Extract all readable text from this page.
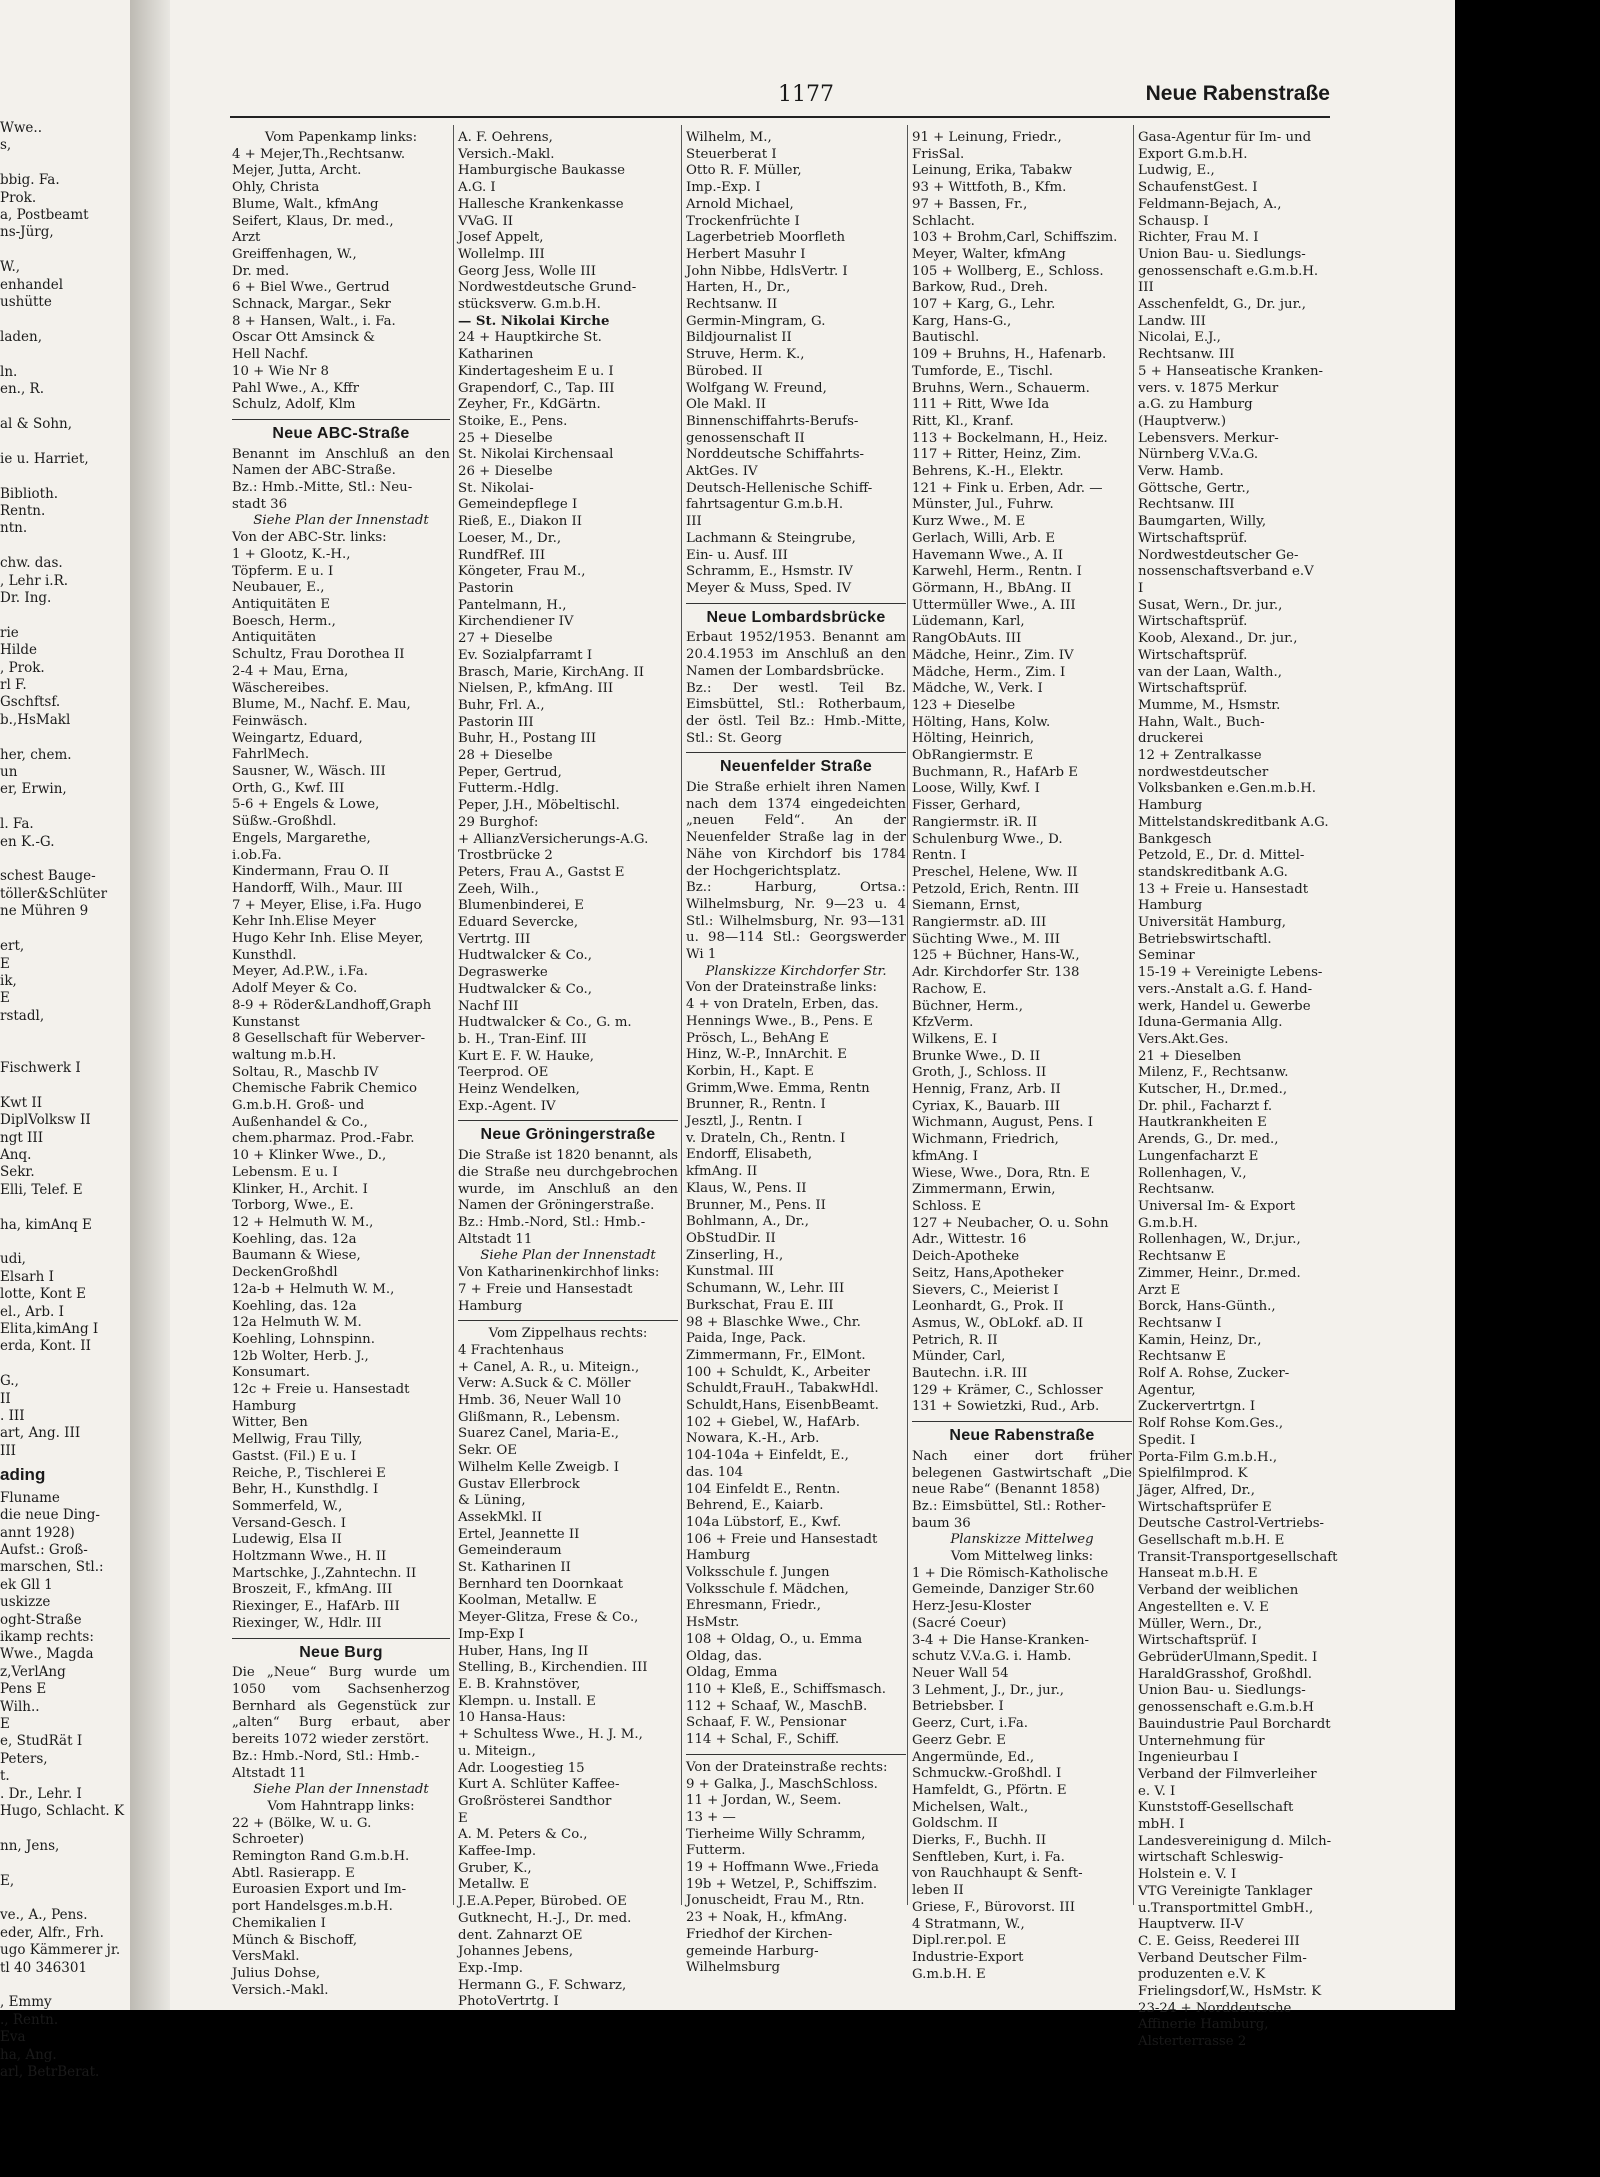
Wwe..
s,

bbig. Fa.
Prok.
a, Postbeamt
ns-Jürg,

W.,
enhandel
ushütte

laden,

ln.
en., R.

al & Sohn,

ie u. Harriet,

Biblioth.
Rentn.
ntn.

chw. das.
, Lehr i.R.
Dr. Ing.

rie
Hilde
, Prok.
rl F.
Gschftsf.
b.,HsMakl

her, chem.
un
er, Erwin,

l. Fa.
en K.-G.

schest Bauge-
töller&Schlüter
ne Mühren 9

ert,
E
ik,
E
rstadl,

Fischwerk I

Kwt II
DiplVolksw II
ngt III
Anq.
Sekr.
Elli, Telef. E

ha, kimAnq E

udi,
Elsarh I
lotte, Kont E
el., Arb. I
Elita,kimAng I
erda, Kont. II

G.,
II
. III
art, Ang. III
III
ading
Fluname
die neue Ding-
annt 1928)
Aufst.: Groß-
marschen, Stl.:
ek Gll 1
uskizze
oght-Straße
ikamp rechts:
Wwe., Magda
z,VerlAng
Pens E
Wilh..
E
e, StudRät I
Peters,
t.
. Dr., Lehr. I
Hugo, Schlacht. K

nn, Jens,

E,

ve., A., Pens.
eder, Alfr., Frh.
ugo Kämmerer jr.
tl 40 346301

, Emmy
., Rentn.
Eva
ha, Ang.
arl, BetrBerat.
1177	Neue Rabenstraße
Vom Papenkamp links:
4 + Mejer,Th.,Rechtsanw.
Mejer, Jutta, Archt.
Ohly, Christa
Blume, Walt., kfmAng
Seifert, Klaus, Dr. med.,
Arzt
Greiffenhagen, W.,
Dr. med.
6 + Biel Wwe., Gertrud
Schnack, Margar., Sekr
8 + Hansen, Walt., i. Fa.
Oscar Ott Amsinck &
Hell Nachf.
10 + Wie Nr 8
Pahl Wwe., A., Kffr
Schulz, Adolf, Klm
Neue ABC-Straße
Benannt im Anschluß an den Namen der ABC-Straße.
Bz.: Hmb.-Mitte, Stl.: Neu-
stadt 36
Siehe Plan der Innenstadt
Von der ABC-Str. links:
1 + Glootz, K.-H.,
Töpferm. E u. I
Neubauer, E.,
Antiquitäten E
Boesch, Herm.,
Antiquitäten
Schultz, Frau Dorothea II
2-4 + Mau, Erna,
Wäschereibes.
Blume, M., Nachf. E. Mau,
Feinwäsch.
Weingartz, Eduard,
FahrlMech.
Sausner, W., Wäsch. III
Orth, G., Kwf. III
5-6 + Engels & Lowe,
Süßw.-Großhdl.
Engels, Margarethe,
i.ob.Fa.
Kindermann, Frau O. II
Handorff, Wilh., Maur. III
7 + Meyer, Elise, i.Fa. Hugo
Kehr Inh.Elise Meyer
Hugo Kehr Inh. Elise Meyer,
Kunsthdl.
Meyer, Ad.P.W., i.Fa.
Adolf Meyer & Co.
8-9 + Röder&Landhoff,Graph
Kunstanst
8 Gesellschaft für Weberver-
waltung m.b.H.
Soltau, R., Maschb IV
Chemische Fabrik Chemico
G.m.b.H. Groß- und
Außenhandel & Co.,
chem.pharmaz. Prod.-Fabr.
10 + Klinker Wwe., D.,
Lebensm. E u. I
Klinker, H., Archit. I
Torborg, Wwe., E.
12 + Helmuth W. M.,
Koehling, das. 12a
Baumann & Wiese,
DeckenGroßhdl
12a-b + Helmuth W. M.,
Koehling, das. 12a
12a Helmuth W. M.
Koehling, Lohnspinn.
12b Wolter, Herb. J.,
Konsumart.
12c + Freie u. Hansestadt
Hamburg
Witter, Ben
Mellwig, Frau Tilly,
Gastst. (Fil.) E u. I
Reiche, P., Tischlerei E
Behr, H., Kunsthdlg. I
Sommerfeld, W.,
Versand-Gesch. I
Ludewig, Elsa II
Holtzmann Wwe., H. II
Martschke, J.,Zahntechn. II
Broszeit, F., kfmAng. III
Riexinger, E., HafArb. III
Riexinger, W., Hdlr. III
Neue Burg
Die „Neue“ Burg wurde um 1050 vom Sachsenherzog Bernhard als Gegenstück zur „alten“ Burg erbaut, aber bereits 1072 wieder zerstört.
Bz.: Hmb.-Nord, Stl.: Hmb.-
Altstadt 11
Siehe Plan der Innenstadt
Vom Hahntrapp links:
22 + (Bölke, W. u. G.
Schroeter)
Remington Rand G.m.b.H.
Abtl. Rasierapp. E
Euroasien Export und Im-
port Handelsges.m.b.H.
Chemikalien I
Münch & Bischoff,
VersMakl.
Julius Dohse,
Versich.-Makl.
A. F. Oehrens,
Versich.-Makl.
Hamburgische Baukasse
A.G. I
Hallesche Krankenkasse
VVaG. II
Josef Appelt,
Wollelmp. III
Georg Jess, Wolle III
Nordwestdeutsche Grund-
stücksverw. G.m.b.H.
— St. Nikolai Kirche
24 + Hauptkirche St.
Katharinen
Kindertagesheim E u. I
Grapendorf, C., Tap. III
Zeyher, Fr., KdGärtn.
Stoike, E., Pens.
25 + Dieselbe
St. Nikolai Kirchensaal
26 + Dieselbe
St. Nikolai-
Gemeindepflege I
Rieß, E., Diakon II
Loeser, M., Dr.,
RundfRef. III
Köngeter, Frau M.,
Pastorin
Pantelmann, H.,
Kirchendiener IV
27 + Dieselbe
Ev. Sozialpfarramt I
Brasch, Marie, KirchAng. II
Nielsen, P., kfmAng. III
Buhr, Frl. A.,
Pastorin III
Buhr, H., Postang III
28 + Dieselbe
Peper, Gertrud,
Futterm.-Hdlg.
Peper, J.H., Möbeltischl.
29 Burghof:
+ AllianzVersicherungs-A.G.
Trostbrücke 2
Peters, Frau A., Gastst E
Zeeh, Wilh.,
Blumenbinderei, E
Eduard Severcke,
Vertrtg. III
Hudtwalcker & Co.,
Degraswerke
Hudtwalcker & Co.,
Nachf III
Hudtwalcker & Co., G. m.
b. H., Tran-Einf. III
Kurt E. F. W. Hauke,
Teerprod. OE
Heinz Wendelken,
Exp.-Agent. IV
Neue Gröningerstraße
Die Straße ist 1820 benannt, als die Straße neu durchgebrochen wurde, im Anschluß an den Namen der Gröningerstraße.
Bz.: Hmb.-Nord, Stl.: Hmb.-
Altstadt 11
Siehe Plan der Innenstadt
Von Katharinenkirchhof links:
7 + Freie und Hansestadt
Hamburg
Vom Zippelhaus rechts:
4 Frachtenhaus
+ Canel, A. R., u. Miteign.,
Verw: A.Suck & C. Möller
Hmb. 36, Neuer Wall 10
Glißmann, R., Lebensm.
Suarez Canel, Maria-E.,
Sekr. OE
Wilhelm Kelle Zweigb. I
Gustav Ellerbrock
& Lüning,
AssekMkl. II
Ertel, Jeannette II
Gemeinderaum
St. Katharinen II
Bernhard ten Doornkaat
Koolman, Metallw. E
Meyer-Glitza, Frese & Co.,
Imp-Exp I
Huber, Hans, Ing II
Stelling, B., Kirchendien. III
E. B. Krahnstöver,
Klempn. u. Install. E
10 Hansa-Haus:
+ Schultess Wwe., H. J. M.,
u. Miteign.,
Adr. Loogestieg 15
Kurt A. Schlüter Kaffee-
Großrösterei Sandthor
E
A. M. Peters & Co.,
Kaffee-Imp.
Gruber, K.,
Metallw. E
J.E.A.Peper, Bürobed. OE
Gutknecht, H.-J., Dr. med.
dent. Zahnarzt OE
Johannes Jebens,
Exp.-Imp.
Hermann G., F. Schwarz,
PhotoVertrtg. I
Wilhelm, M.,
Steuerberat I
Otto R. F. Müller,
Imp.-Exp. I
Arnold Michael,
Trockenfrüchte I
Lagerbetrieb Moorfleth
Herbert Masuhr I
John Nibbe, HdlsVertr. I
Harten, H., Dr.,
Rechtsanw. II
Germin-Mingram, G.
Bildjournalist II
Struve, Herm. K.,
Bürobed. II
Wolfgang W. Freund,
Ole Makl. II
Binnenschiffahrts-Berufs-
genossenschaft II
Norddeutsche Schiffahrts-
AktGes. IV
Deutsch-Hellenische Schiff-
fahrtsagentur G.m.b.H.
III
Lachmann & Steingrube,
Ein- u. Ausf. III
Schramm, E., Hsmstr. IV
Meyer & Muss, Sped. IV
Neue Lombardsbrücke
Erbaut 1952/1953. Benannt am 20.4.1953 im Anschluß an den Namen der Lombardsbrücke.
Bz.: Der westl. Teil Bz. Eimsbüttel, Stl.: Rotherbaum, der östl. Teil Bz.: Hmb.-Mitte, Stl.: St. Georg
Neuenfelder Straße
Die Straße erhielt ihren Namen nach dem 1374 eingedeichten „neuen Feld“. An der Neuenfelder Straße lag in der Nähe von Kirchdorf bis 1784 der Hochgerichtsplatz.
Bz.: Harburg, Ortsa.: Wilhelmsburg, Nr. 9—23 u. 4 Stl.: Wilhelmsburg, Nr. 93—131 u. 98—114 Stl.: Georgswerder Wi 1
Planskizze Kirchdorfer Str.
Von der Drateinstraße links:
4 + von Drateln, Erben, das.
Hennings Wwe., B., Pens. E
Prösch, L., BehAng E
Hinz, W.-P., InnArchit. E
Korbin, H., Kapt. E
Grimm,Wwe. Emma, Rentn
Brunner, R., Rentn. I
Jesztl, J., Rentn. I
v. Drateln, Ch., Rentn. I
Endorff, Elisabeth,
kfmAng. II
Klaus, W., Pens. II
Brunner, M., Pens. II
Bohlmann, A., Dr.,
ObStudDir. II
Zinserling, H.,
Kunstmal. III
Schumann, W., Lehr. III
Burkschat, Frau E. III
98 + Blaschke Wwe., Chr.
Paida, Inge, Pack.
Zimmermann, Fr., ElMont.
100 + Schuldt, K., Arbeiter
Schuldt,FrauH., TabakwHdl.
Schuldt,Hans, EisenbBeamt.
102 + Giebel, W., HafArb.
Nowara, K.-H., Arb.
104-104a + Einfeldt, E.,
das. 104
104 Einfeldt E., Rentn.
Behrend, E., Kaiarb.
104a Lübstorf, E., Kwf.
106 + Freie und Hansestadt
Hamburg
Volksschule f. Jungen
Volksschule f. Mädchen,
Ehresmann, Friedr.,
HsMstr.
108 + Oldag, O., u. Emma
Oldag, das.
Oldag, Emma
110 + Kleß, E., Schiffsmasch.
112 + Schaaf, W., MaschB.
Schaaf, F. W., Pensionar
114 + Schal, F., Schiff.
Von der Drateinstraße rechts:
9 + Galka, J., MaschSchloss.
11 + Jordan, W., Seem.
13 + —
Tierheime Willy Schramm,
Futterm.
19 + Hoffmann Wwe.,Frieda
19b + Wetzel, P., Schiffszim.
Jonuscheidt, Frau M., Rtn.
23 + Noak, H., kfmAng.
Friedhof der Kirchen-
gemeinde Harburg-
Wilhelmsburg
91 + Leinung, Friedr.,
FrisSal.
Leinung, Erika, Tabakw
93 + Wittfoth, B., Kfm.
97 + Bassen, Fr.,
Schlacht.
103 + Brohm,Carl, Schiffszim.
Meyer, Walter, kfmAng
105 + Wollberg, E., Schloss.
Barkow, Rud., Dreh.
107 + Karg, G., Lehr.
Karg, Hans-G.,
Bautischl.
109 + Bruhns, H., Hafenarb.
Tumforde, E., Tischl.
Bruhns, Wern., Schauerm.
111 + Ritt, Wwe Ida
Ritt, Kl., Kranf.
113 + Bockelmann, H., Heiz.
117 + Ritter, Heinz, Zim.
Behrens, K.-H., Elektr.
121 + Fink u. Erben, Adr. —
Münster, Jul., Fuhrw.
Kurz Wwe., M. E
Gerlach, Willi, Arb. E
Havemann Wwe., A. II
Karwehl, Herm., Rentn. I
Görmann, H., BbAng. II
Uttermüller Wwe., A. III
Lüdemann, Karl,
RangObAuts. III
Mädche, Heinr., Zim. IV
Mädche, Herm., Zim. I
Mädche, W., Verk. I
123 + Dieselbe
Hölting, Hans, Kolw.
Hölting, Heinrich,
ObRangiermstr. E
Buchmann, R., HafArb E
Loose, Willy, Kwf. I
Fisser, Gerhard,
Rangiermstr. iR. II
Schulenburg Wwe., D.
Rentn. I
Preschel, Helene, Ww. II
Petzold, Erich, Rentn. III
Siemann, Ernst,
Rangiermstr. aD. III
Süchting Wwe., M. III
125 + Büchner, Hans-W.,
Adr. Kirchdorfer Str. 138
Rachow, E.
Büchner, Herm.,
KfzVerm.
Wilkens, E. I
Brunke Wwe., D. II
Groth, J., Schloss. II
Hennig, Franz, Arb. II
Cyriax, K., Bauarb. III
Wichmann, August, Pens. I
Wichmann, Friedrich,
kfmAng. I
Wiese, Wwe., Dora, Rtn. E
Zimmermann, Erwin,
Schloss. E
127 + Neubacher, O. u. Sohn
Adr., Wittestr. 16
Deich-Apotheke
Seitz, Hans,Apotheker
Sievers, C., Meierist I
Leonhardt, G., Prok. II
Asmus, W., ObLokf. aD. II
Petrich, R. II
Münder, Carl,
Bautechn. i.R. III
129 + Krämer, C., Schlosser
131 + Sowietzki, Rud., Arb.
Neue Rabenstraße
Nach einer dort früher belegenen Gastwirtschaft „Die neue Rabe“ (Benannt 1858)
Bz.: Eimsbüttel, Stl.: Rother-
baum 36
Planskizze Mittelweg
Vom Mittelweg links:
1 + Die Römisch-Katholische
Gemeinde, Danziger Str.60
Herz-Jesu-Kloster
(Sacré Coeur)
3-4 + Die Hanse-Kranken-
schutz V.V.a.G. i. Hamb.
Neuer Wall 54
3 Lehment, J., Dr., jur.,
Betriebsber. I
Geerz, Curt, i.Fa.
Geerz Gebr. E
Angermünde, Ed.,
Schmuckw.-Großhdl. I
Hamfeldt, G., Pförtn. E
Michelsen, Walt.,
Goldschm. II
Dierks, F., Buchh. II
Senftleben, Kurt, i. Fa.
von Rauchhaupt & Senft-
leben II
Griese, F., Bürovorst. III
4 Stratmann, W.,
Dipl.rer.pol. E
Industrie-Export
G.m.b.H. E
Gasa-Agentur für Im- und
Export G.m.b.H.
Ludwig, E.,
SchaufenstGest. I
Feldmann-Bejach, A.,
Schausp. I
Richter, Frau M. I
Union Bau- u. Siedlungs-
genossenschaft e.G.m.b.H.
III
Asschenfeldt, G., Dr. jur.,
Landw. III
Nicolai, E.J.,
Rechtsanw. III
5 + Hanseatische Kranken-
vers. v. 1875 Merkur
a.G. zu Hamburg
(Hauptverw.)
Lebensvers. Merkur-
Nürnberg V.V.a.G.
Verw. Hamb.
Göttsche, Gertr.,
Rechtsanw. III
Baumgarten, Willy,
Wirtschaftsprüf.
Nordwestdeutscher Ge-
nossenschaftsverband e.V
I
Susat, Wern., Dr. jur.,
Wirtschaftsprüf.
Koob, Alexand., Dr. jur.,
Wirtschaftsprüf.
van der Laan, Walth.,
Wirtschaftsprüf.
Mumme, M., Hsmstr.
Hahn, Walt., Buch-
druckerei
12 + Zentralkasse
nordwestdeutscher
Volksbanken e.Gen.m.b.H.
Hamburg
Mittelstandskreditbank A.G.
Bankgesch
Petzold, E., Dr. d. Mittel-
standskreditbank A.G.
13 + Freie u. Hansestadt
Hamburg
Universität Hamburg,
Betriebswirtschaftl.
Seminar
15-19 + Vereinigte Lebens-
vers.-Anstalt a.G. f. Hand-
werk, Handel u. Gewerbe
Iduna-Germania Allg.
Vers.Akt.Ges.
21 + Dieselben
Milenz, F., Rechtsanw.
Kutscher, H., Dr.med.,
Dr. phil., Facharzt f.
Hautkrankheiten E
Arends, G., Dr. med.,
Lungenfacharzt E
Rollenhagen, V.,
Rechtsanw.
Universal Im- & Export
G.m.b.H.
Rollenhagen, W., Dr.jur.,
Rechtsanw E
Zimmer, Heinr., Dr.med.
Arzt E
Borck, Hans-Günth.,
Rechtsanw I
Kamin, Heinz, Dr.,
Rechtsanw E
Rolf A. Rohse, Zucker-
Agentur,
Zuckervertrtgn. I
Rolf Rohse Kom.Ges.,
Spedit. I
Porta-Film G.m.b.H.,
Spielfilmprod. K
Jäger, Alfred, Dr.,
Wirtschaftsprüfer E
Deutsche Castrol-Vertriebs-
Gesellschaft m.b.H. E
Transit-Transportgesellschaft
Hanseat m.b.H. E
Verband der weiblichen
Angestellten e. V. E
Müller, Wern., Dr.,
Wirtschaftsprüf. I
GebrüderUlmann,Spedit. I
HaraldGrasshof, Großhdl.
Union Bau- u. Siedlungs-
genossenschaft e.G.m.b.H
Bauindustrie Paul Borchardt
Unternehmung für
Ingenieurbau I
Verband der Filmverleiher
e. V. I
Kunststoff-Gesellschaft
mbH. I
Landesvereinigung d. Milch-
wirtschaft Schleswig-
Holstein e. V. I
VTG Vereinigte Tanklager
u.Transportmittel GmbH.,
Hauptverw. II-V
C. E. Geiss, Reederei III
Verband Deutscher Film-
produzenten e.V. K
Frielingsdorf,W., HsMstr. K
23-24 + Norddeutsche
Affinerie Hamburg,
Alsterterrasse 2
